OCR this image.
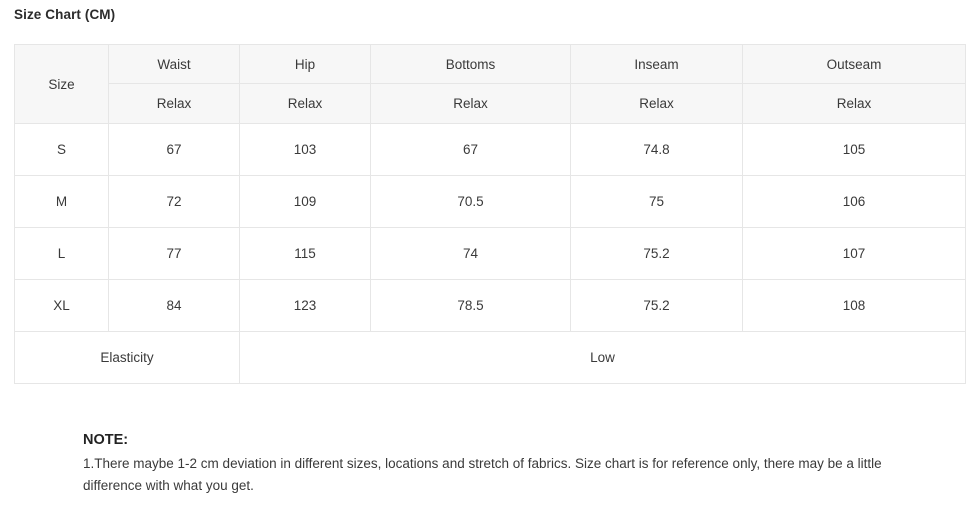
Size Chart (CM)
Size	Waist	Hip	Bottoms	Inseam	Outseam
	Relax	Relax	Relax	Relax	Relax
S	67	103	67	74.8	105
M	72	109	70.5	75	106
L	77	115	74	75.2	107
XL	84	123	78.5	75.2	108
Elasticity		Low			
NOTE:
1.There maybe 1-2 cm deviation in different sizes, locations and stretch of fabrics. Size chart is for reference only, there may be a little difference with what you get.
